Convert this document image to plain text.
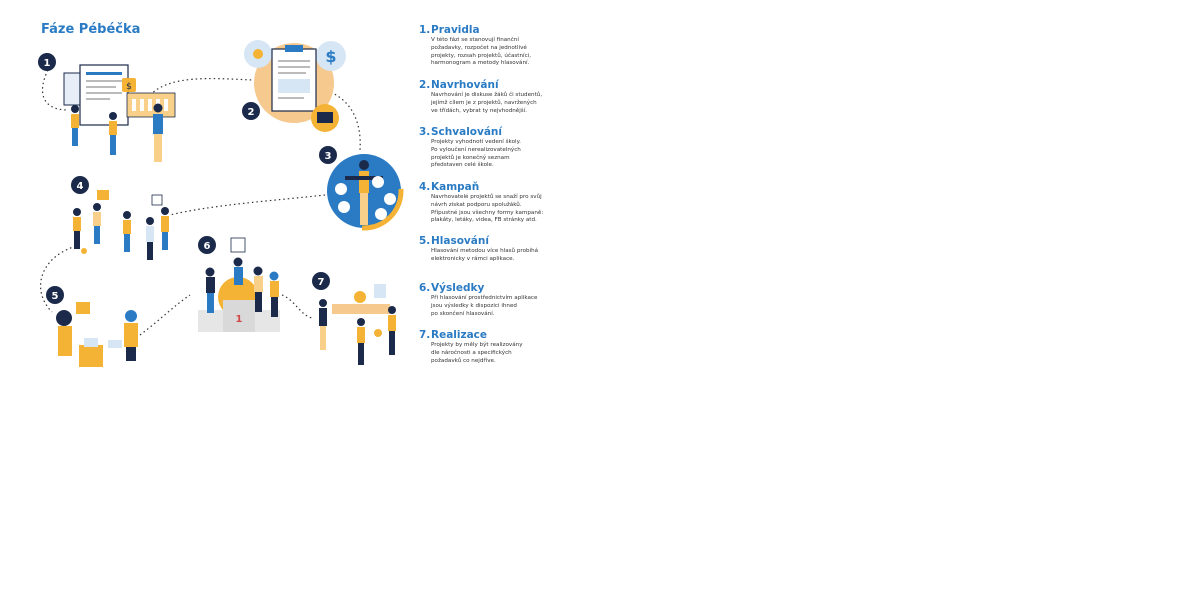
Fáze Pébéčka
$
$
1
1
2
3
4
5
6
7
1.Pravidla
V této fázi se stanovují finanční
požadavky, rozpočet na jednotlivé
projekty, rozsah projektů, účastníci,
harmonogram a metody hlasování.
2.Navrhování
Navrhování je diskuse žáků či studentů,
jejímž cílem je z projektů, navržených
ve třídách, vybrat ty nejvhodnější.
3.Schvalování
Projekty vyhodnotí vedení školy.
Po vyloučení nerealizovatelných
projektů je konečný seznam
představen celé škole.
4.Kampaň
Navrhovatelé projektů se snaží pro svůj
návrh získat podporu spolužáků.
Přípustné jsou všechny formy kampaně:
plakáty, letáky, videa, FB stránky atd.
5.Hlasování
Hlasování metodou více hlasů probíhá
elektronicky v rámci aplikace.
6.Výsledky
Při hlasování prostřednictvím aplikace
jsou výsledky k dispozici ihned
po skončení hlasování.
7.Realizace
Projekty by měly být realizovány
dle náročnosti a specifických
požadavků co nejdříve.
